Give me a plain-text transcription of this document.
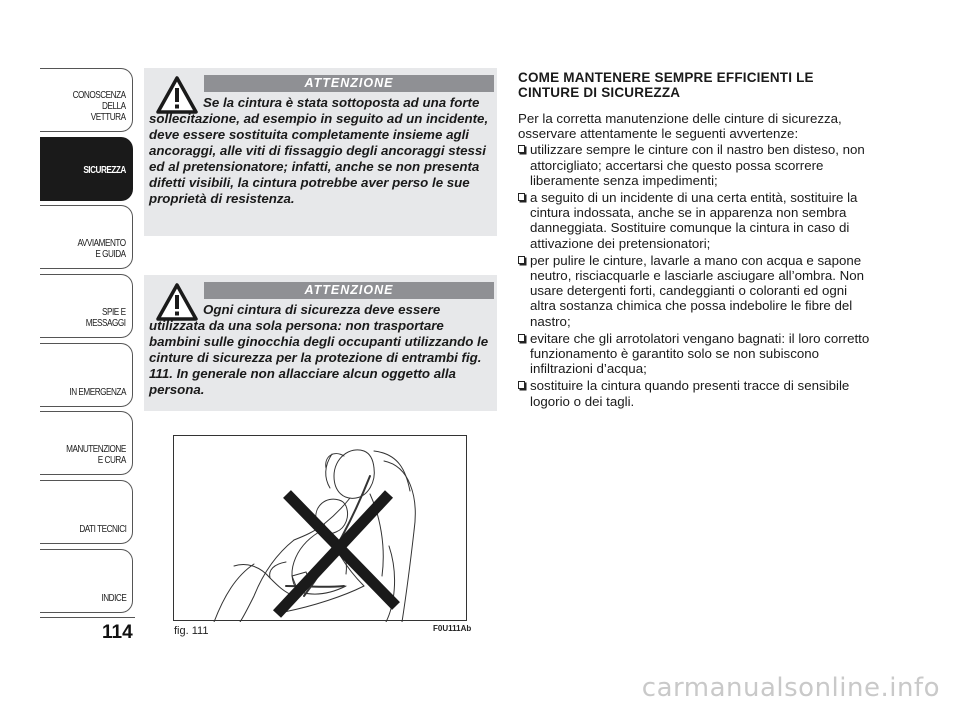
CONOSCENZA
DELLA
VETTURA
SICUREZZA
AVVIAMENTO
E GUIDA
SPIE E
MESSAGGI
IN EMERGENZA
MANUTENZIONE
E CURA
DATI TECNICI
INDICE
114
ATTENZIONE
Se la cintura è stata sottoposta ad una forte sollecitazione, ad esempio in seguito ad un incidente, deve essere sostituita completamente insieme agli ancoraggi, alle viti di fissaggio degli ancoraggi stessi ed al pretensionatore; infatti, anche se non presenta difetti visibili, la cintura potrebbe aver perso le sue proprietà di resistenza.
ATTENZIONE
Ogni cintura di sicurezza deve essere utilizzata da una sola persona: non trasportare bambini sulle ginocchia degli occupanti utilizzando le cinture di sicurezza per la protezione di entrambi fig. 111. In generale non allacciare alcun oggetto alla persona.
fig. 111	F0U111Ab
COME MANTENERE SEMPRE EFFICIENTI LE CINTURE DI SICUREZZA
Per la corretta manutenzione delle cinture di sicurezza, osservare attentamente le seguenti avvertenze:
utilizzare sempre le cinture con il nastro ben disteso, non attorcigliato; accertarsi che questo possa scorrere liberamente senza impedimenti;
a seguito di un incidente di una certa entità, sostituire la cintura indossata, anche se in apparenza non sembra danneggiata. Sostituire comunque la cintura in caso di attivazione dei pretensionatori;
per pulire le cinture, lavarle a mano con acqua e sapone neutro, risciacquarle e lasciarle asciugare all’ombra. Non usare detergenti forti, candeggianti o coloranti ed ogni altra sostanza chimica che possa indebolire le fibre del nastro;
evitare che gli arrotolatori vengano bagnati: il loro corretto funzionamento è garantito solo se non subiscono infiltrazioni d’acqua;
sostituire la cintura quando presenti tracce di sensibile logorio o dei tagli.
carmanualsonline.info
